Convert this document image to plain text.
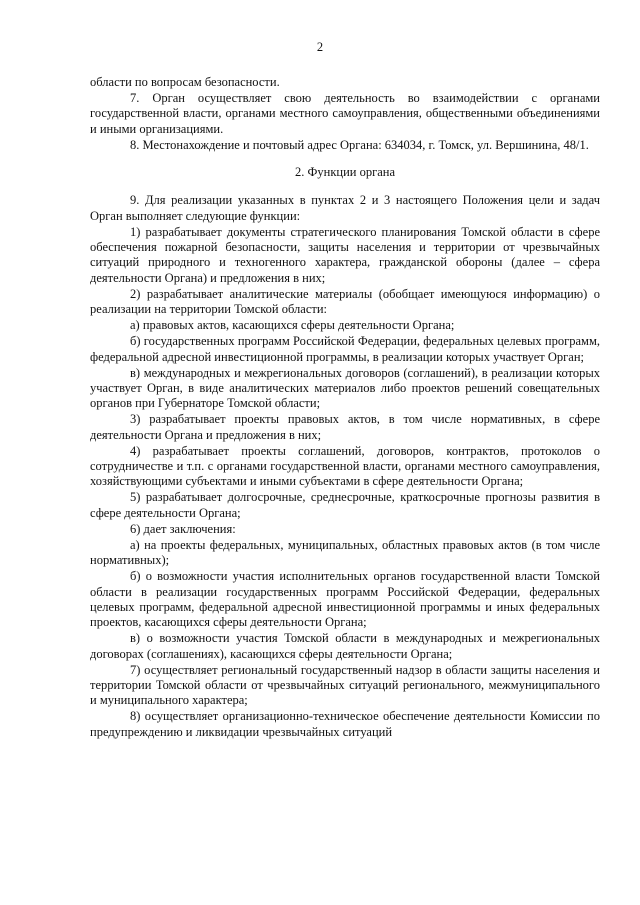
2

области по вопросам безопасности.

7. Орган осуществляет свою деятельность во взаимодействии с органами государственной власти, органами местного самоуправления, общественными объединениями и иными организациями.

8. Местонахождение и почтовый адрес Органа: 634034, г. Томск, ул. Вершинина, 48/1.

2. Функции органа

9. Для реализации указанных в пунктах 2 и 3 настоящего Положения цели и задач Орган выполняет следующие функции:

1) разрабатывает документы стратегического планирования Томской области в сфере обеспечения пожарной безопасности, защиты населения и территории от чрезвычайных ситуаций природного и техногенного характера, гражданской обороны (далее – сфера деятельности Органа) и предложения в них;

2) разрабатывает аналитические материалы (обобщает имеющуюся информацию) о реализации на территории Томской области:

а) правовых актов, касающихся сферы деятельности Органа;

б) государственных программ Российской Федерации, федеральных целевых программ, федеральной адресной инвестиционной программы, в реализации которых участвует Орган;

в) международных и межрегиональных договоров (соглашений), в реализации которых участвует Орган, в виде аналитических материалов либо проектов решений совещательных органов при Губернаторе Томской области;

3) разрабатывает проекты правовых актов, в том числе нормативных, в сфере деятельности Органа и предложения в них;

4) разрабатывает проекты соглашений, договоров, контрактов, протоколов о сотрудничестве и т.п. с органами государственной власти, органами местного самоуправления, хозяйствующими субъектами и иными субъектами в сфере деятельности Органа;

5) разрабатывает долгосрочные, среднесрочные, краткосрочные прогнозы развития в сфере деятельности Органа;

6) дает заключения:

а) на проекты федеральных, муниципальных, областных правовых актов (в том числе нормативных);

б) о возможности участия исполнительных органов государственной власти Томской области в реализации государственных программ Российской Федерации, федеральных целевых программ, федеральной адресной инвестиционной программы и иных федеральных проектов, касающихся сферы деятельности Органа;

в) о возможности участия Томской области в международных и межрегиональных договорах (соглашениях), касающихся сферы деятельности Органа;

7) осуществляет региональный государственный надзор в области защиты населения и территории Томской области от чрезвычайных ситуаций регионального, межмуниципального и муниципального характера;

8) осуществляет организационно-техническое обеспечение деятельности Комиссии по предупреждению и ликвидации чрезвычайных ситуаций
